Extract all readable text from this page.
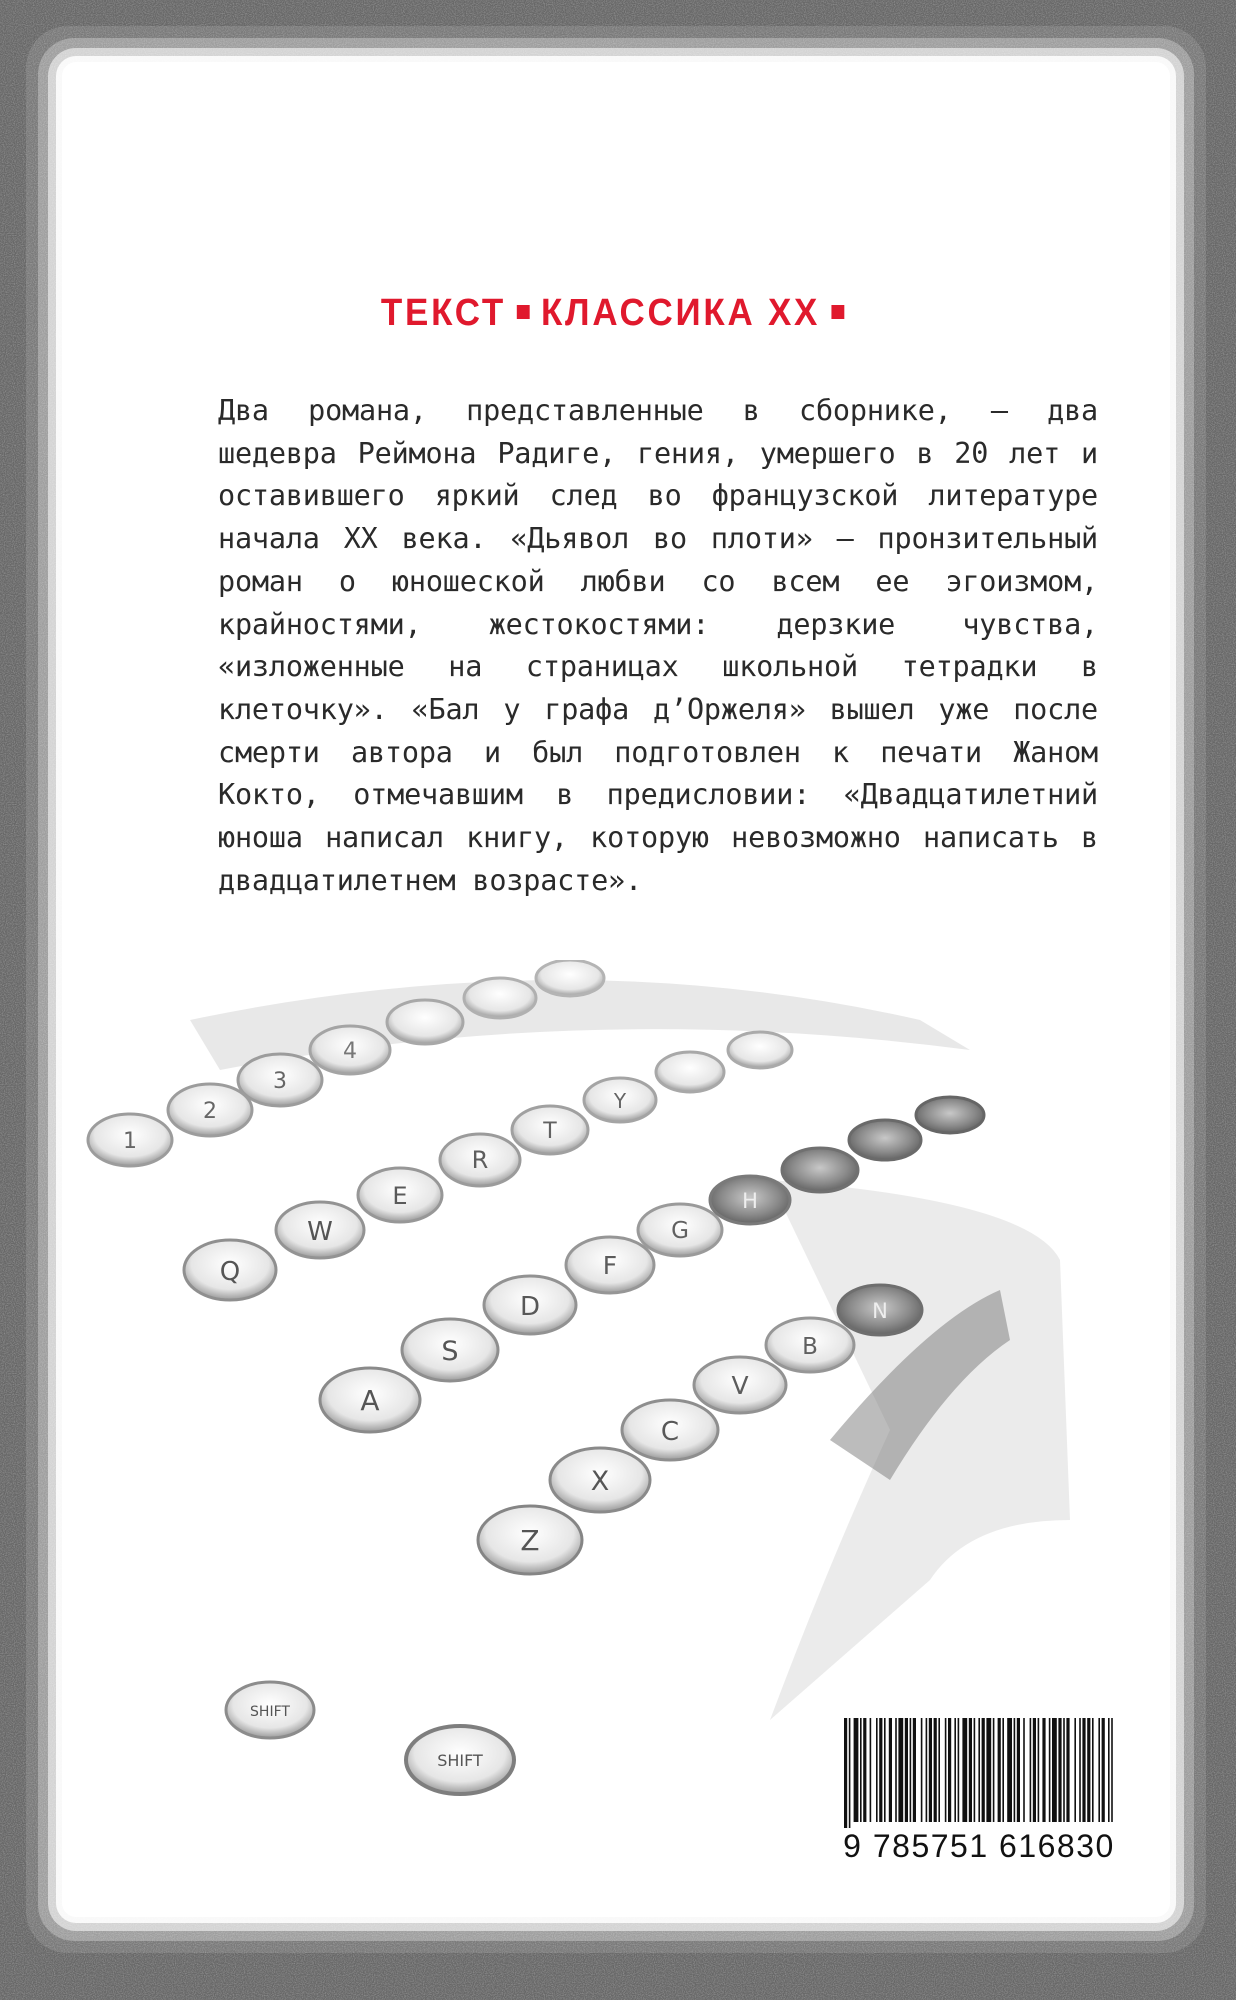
ТЕКСТ КЛАССИКА XX
Два романа, представленные в сборнике, — два шедевра Реймона Радиге, гения, умершего в 20 лет и оставившего яркий след во французской литературе начала XX века. «Дьявол во плоти» — пронзительный роман о юношеской любви со всем ее эгоизмом, крайностями, жестокостями: дерзкие чувства, «изложенные на страницах школьной тетрадки в клеточку». «Бал у графа д’Оржеля» вышел уже после смерти автора и был подготовлен к печати Жаном Кокто, отмечавшим в предисловии: «Двадцатилетний юноша написал книгу, которую невозможно написать в двадцатилетнем возрасте».
1
2
3
4
Q
W
E
R
T
Y
A
S
D
F
G
H
Z
X
C
V
B
N
SHIFT
SHIFT
9 785751 616830
